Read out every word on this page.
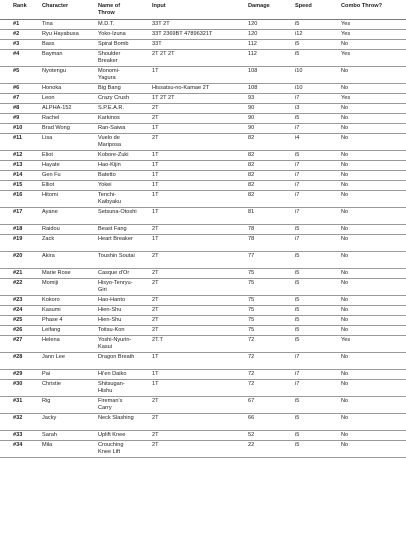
Rank	Character	Name of Throw	Input	Damage	Speed	Combo Throw?
#1	Tina	M.D.T.	33T 2T	120	i5	Yes
#2	Ryu Hayabusa	Yoko-Izuna	33T 2369BT 47896321T	120	i12	Yes
#3	Bass	Spiral Bomb	33T	112	i5	No
#4	Bayman	Shoulder Breaker	2T 2T 2T	112	i5	Yes
#5	Nyotengu	Monomi-Yagura	1T	108	i10	No
#6	Honoka	Big Bang	Hissatsu-no-Kamae 2T	108	i10	No
#7	Leon	Crazy Crush	1T 2T 2T	93	i7	Yes
#8	ALPHA-152	S.P.E.A.R.	2T	90	i3	No
#9	Rachel	Karkinos	2T	90	i5	No
#10	Brad Wong	Ran-Saiwa	1T	90	i7	No
#11	Lisa	Vuelo de Mariposa	2T	82	i4	No
#12	Eliot	Kobore-Zuki	1T	82	i5	No
#13	Hayate	Hao-Kijin	1T	82	i7	No
#14	Gen Fu	Batetto	1T	82	i7	No
#15	Elliot	Yokei	1T	82	i7	No
#16	Hitomi	Tenchi-Kaibyaku	1T	82	i7	No
#17	Ayane	Setsuna-Otoshi	1T	81	i7	No
#18	Raidou	Beast Fang	2T	78	i5	No
#19	Zack	Heart Breaker	1T	78	i7	No
#20	Akira	Toushin Soutai	2T	77	i5	No
#21	Marie Rose	Casque d'Or	2T	75	i5	No
#22	Momiji	Hisyo-Tenryu-Giri	2T	75	i5	No
#23	Kokoro	Hao-Hanto	2T	75	i5	No
#24	Kasumi	Hien-Shu	2T	75	i5	No
#25	Phase 4	Hien-Shu	2T	75	i5	No
#26	Leifang	Toitsu-Kon	2T	75	i5	No
#27	Helena	Yoshi-Nyurin-Kasui	2T.T	72	i5	Yes
#28	Jann Lee	Dragon Breath	1T	72	i7	No
#29	Pai	Hi'en Daiko	1T	72	i7	No
#30	Christie	Shitsugan-Hishu	1T	72	i7	No
#31	Rig	Fireman's Carry	2T	67	i5	No
#32	Jacky	Neck Slashing	2T	66	i5	No
#33	Sarah	Uplift Knee	2T	52	i5	No
#34	Mila	Crouching Knee Lift	2T	22	i5	No
